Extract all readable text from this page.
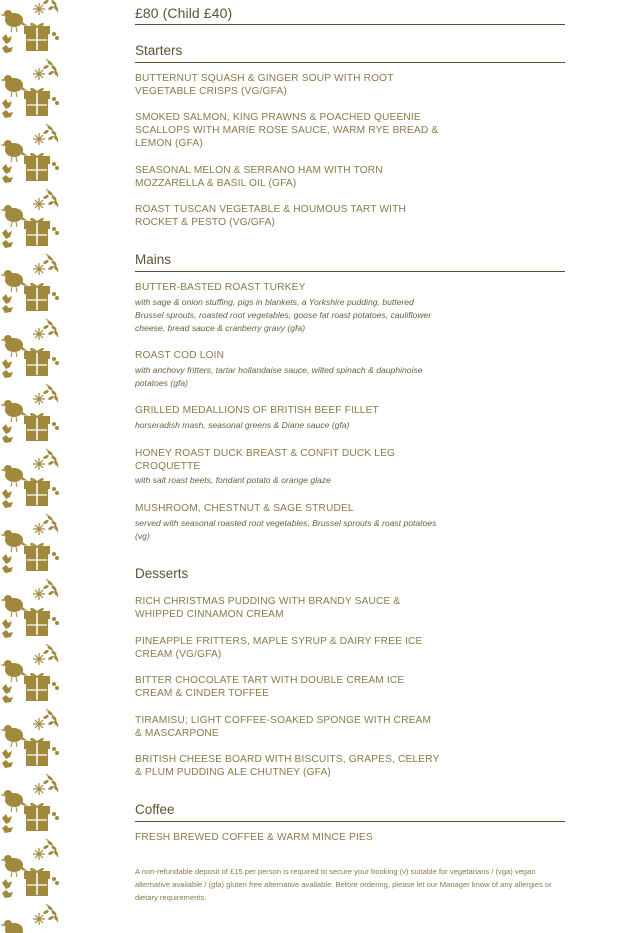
£80 (Child £40)
Starters
BUTTERNUT SQUASH & GINGER SOUP WITH ROOT VEGETABLE CRISPS (VG/GFA)
SMOKED SALMON, KING PRAWNS & POACHED QUEENIE SCALLOPS WITH MARIE ROSE SAUCE, WARM RYE BREAD & LEMON (GFA)
SEASONAL MELON & SERRANO HAM WITH TORN MOZZARELLA & BASIL OIL (GFA)
ROAST TUSCAN VEGETABLE & HOUMOUS TART WITH ROCKET & PESTO (VG/GFA)
Mains
BUTTER-BASTED ROAST TURKEY
with sage & onion stuffing, pigs in blankets, a Yorkshire pudding, buttered Brussel sprouts, roasted root vegetables, goose fat roast potatoes, cauliflower cheese, bread sauce & cranberry gravy (gfa)
ROAST COD LOIN
with anchovy fritters, tartar hollandaise sauce, wilted spinach & dauphinoise potatoes (gfa)
GRILLED MEDALLIONS OF BRITISH BEEF FILLET
horseradish mash, seasonal greens & Diane sauce (gfa)
HONEY ROAST DUCK BREAST & CONFIT DUCK LEG CROQUETTE
with salt roast beets, fondant potato & orange glaze
MUSHROOM, CHESTNUT & SAGE STRUDEL
served with seasonal roasted root vegetables, Brussel sprouts & roast potatoes (vg)
Desserts
RICH CHRISTMAS PUDDING WITH BRANDY SAUCE & WHIPPED CINNAMON CREAM
PINEAPPLE FRITTERS, MAPLE SYRUP & DAIRY FREE ICE CREAM (VG/GFA)
BITTER CHOCOLATE TART WITH DOUBLE CREAM ICE CREAM & CINDER TOFFEE
TIRAMISU; LIGHT COFFEE-SOAKED SPONGE WITH CREAM & MASCARPONE
BRITISH CHEESE BOARD WITH BISCUITS, GRAPES, CELERY & PLUM PUDDING ALE CHUTNEY (GFA)
Coffee
FRESH BREWED COFFEE & WARM MINCE PIES
A non-refundable deposit of £15 per person is required to secure your booking (v) suitable for vegetarians / (vga) vegan alternative available / (gfa) gluten free alternative available. Before ordering, please let our Manager know of any allergies or dietary requirements.
